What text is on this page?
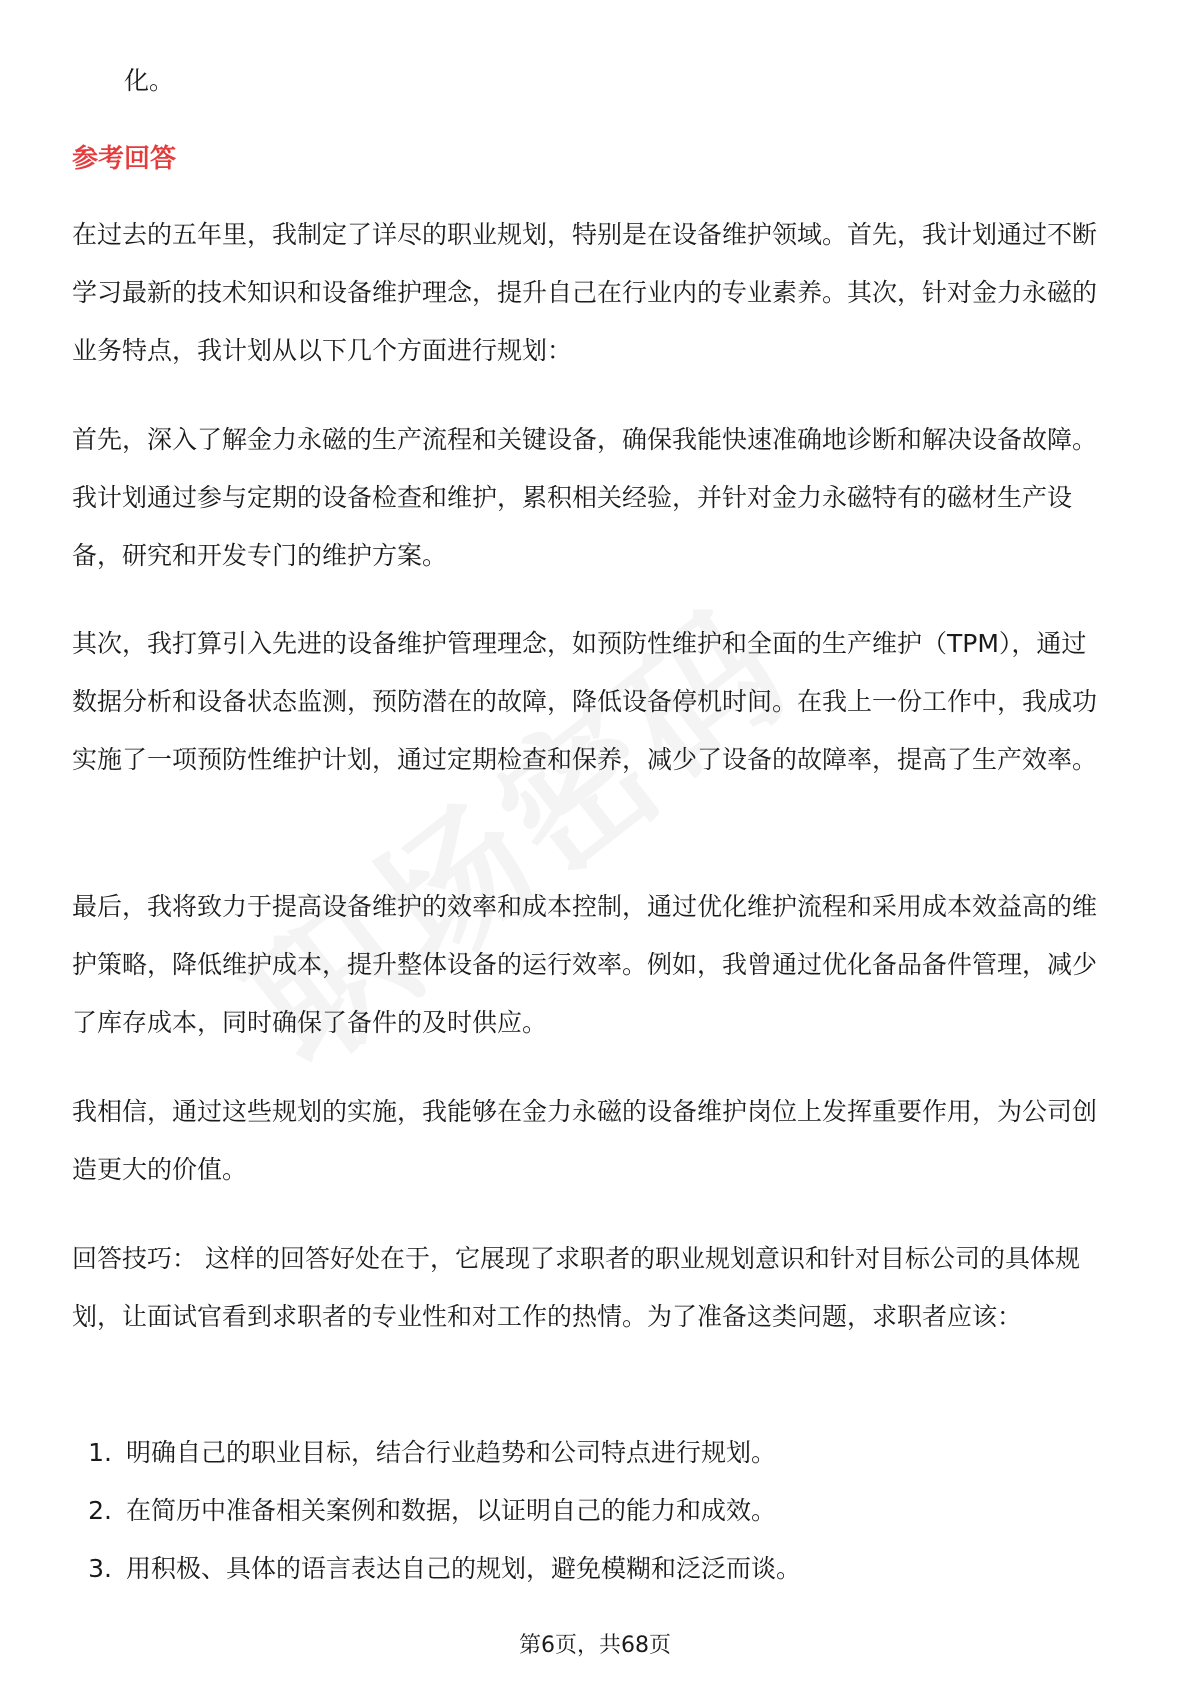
化。

参考回答

在过去的五年里，我制定了详尽的职业规划，特别是在设备维护领域。首先，我计划通过不断学习最新的技术知识和设备维护理念，提升自己在行业内的专业素养。其次，针对金力永磁的业务特点，我计划从以下几个方面进行规划：

首先，深入了解金力永磁的生产流程和关键设备，确保我能快速准确地诊断和解决设备故障。我计划通过参与定期的设备检查和维护，累积相关经验，并针对金力永磁特有的磁材生产设备，研究和开发专门的维护方案。

其次，我打算引入先进的设备维护管理理念，如预防性维护和全面的生产维护（TPM），通过数据分析和设备状态监测，预防潜在的故障，降低设备停机时间。在我上一份工作中，我成功实施了一项预防性维护计划，通过定期检查和保养，减少了设备的故障率，提高了生产效率。

最后，我将致力于提高设备维护的效率和成本控制，通过优化维护流程和采用成本效益高的维护策略，降低维护成本，提升整体设备的运行效率。例如，我曾通过优化备品备件管理，减少了库存成本，同时确保了备件的及时供应。

我相信，通过这些规划的实施，我能够在金力永磁的设备维护岗位上发挥重要作用，为公司创造更大的价值。

回答技巧： 这样的回答好处在于，它展现了求职者的职业规划意识和针对目标公司的具体规划，让面试官看到求职者的专业性和对工作的热情。为了准备这类问题，求职者应该：

1. 明确自己的职业目标，结合行业趋势和公司特点进行规划。
2. 在简历中准备相关案例和数据，以证明自己的能力和成效。
3. 用积极、具体的语言表达自己的规划，避免模糊和泛泛而谈。
第6页，共68页
